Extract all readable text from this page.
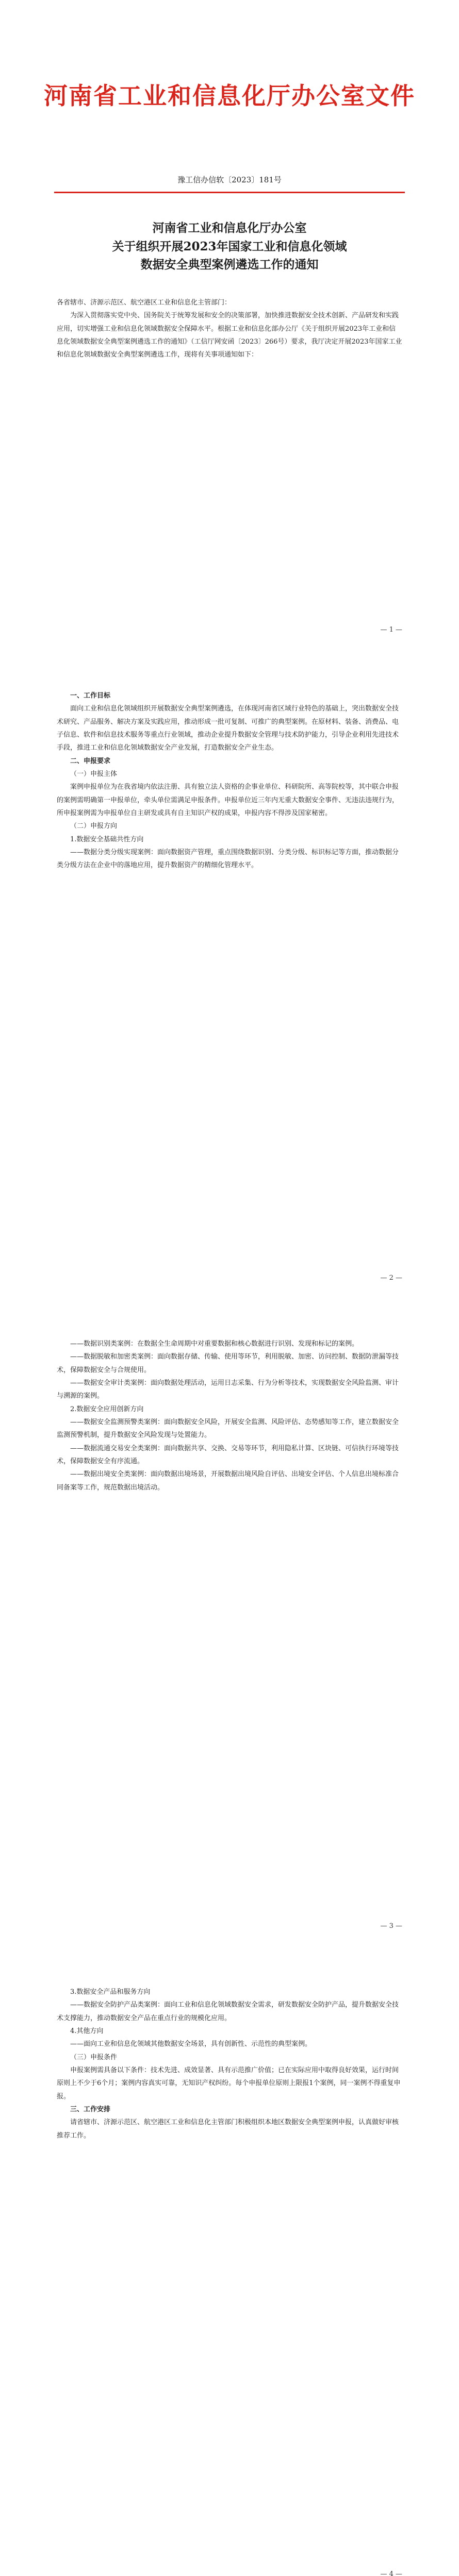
河南省工业和信息化厅办公室文件
豫工信办信软〔2023〕181号
河南省工业和信息化厅办公室
关于组织开展2023年国家工业和信息化领域
数据安全典型案例遴选工作的通知

各省辖市、济源示范区、航空港区工业和信息化主管部门：

为深入贯彻落实党中央、国务院关于统筹发展和安全的决策部署，加快推进数据安全技术创新、产品研发和实践应用，切实增强工业和信息化领域数据安全保障水平。根据工业和信息化部办公厅《关于组织开展2023年工业和信息化领域数据安全典型案例遴选工作的通知》（工信厅网安函〔2023〕266号）要求，我厅决定开展2023年国家工业和信息化领域数据安全典型案例遴选工作，现将有关事项通知如下：

— 1 —

一、工作目标

面向工业和信息化领域组织开展数据安全典型案例遴选，在体现河南省区域行业特色的基础上，突出数据安全技术研究、产品服务、解决方案及实践应用，推动形成一批可复制、可推广的典型案例。在原材料、装备、消费品、电子信息、软件和信息技术服务等重点行业领域，推动企业提升数据安全管理与技术防护能力，引导企业利用先进技术手段，推进工业和信息化领域数据安全产业发展，打造数据安全产业生态。

二、申报要求

（一）申报主体

案例申报单位为在我省境内依法注册、具有独立法人资格的企事业单位、科研院所、高等院校等，其中联合申报的案例需明确第一申报单位，牵头单位需满足申报条件。申报单位近三年内无重大数据安全事件、无违法违规行为，所申报案例需为申报单位自主研发或具有自主知识产权的成果，申报内容不得涉及国家秘密。

（二）申报方向

1.数据安全基础共性方向

——数据分类分级实现案例：面向数据资产管理，重点围绕数据识别、分类分级、标识标记等方面，推动数据分类分级方法在企业中的落地应用，提升数据资产的精细化管理水平。

— 2 —

——数据识别类案例：在数据全生命周期中对重要数据和核心数据进行识别、发现和标记的案例。

——数据脱敏和加密类案例：面向数据存储、传输、使用等环节，利用脱敏、加密、访问控制、数据防泄漏等技术，保障数据安全与合规使用。

——数据安全审计类案例：面向数据处理活动，运用日志采集、行为分析等技术，实现数据安全风险监测、审计与溯源的案例。

2.数据安全应用创新方向

——数据安全监测预警类案例：面向数据安全风险，开展安全监测、风险评估、态势感知等工作，建立数据安全监测预警机制，提升数据安全风险发现与处置能力。

——数据流通交易安全类案例：面向数据共享、交换、交易等环节，利用隐私计算、区块链、可信执行环境等技术，保障数据安全有序流通。

——数据出境安全类案例：面向数据出境场景，开展数据出境风险自评估、出境安全评估、个人信息出境标准合同备案等工作，规范数据出境活动。

— 3 —

3.数据安全产品和服务方向

——数据安全防护产品类案例：面向工业和信息化领域数据安全需求，研发数据安全防护产品，提升数据安全技术支撑能力，推动数据安全产品在重点行业的规模化应用。

4.其他方向

——面向工业和信息化领域其他数据安全场景，具有创新性、示范性的典型案例。

（三）申报条件

申报案例需具备以下条件：技术先进、成效显著、具有示范推广价值；已在实际应用中取得良好效果，运行时间原则上不少于6个月；案例内容真实可靠，无知识产权纠纷。每个申报单位原则上限报1个案例，同一案例不得重复申报。

三、工作安排

请省辖市、济源示范区、航空港区工业和信息化主管部门积极组织本地区数据安全典型案例申报，认真做好审核推荐工作。

— 4 —
